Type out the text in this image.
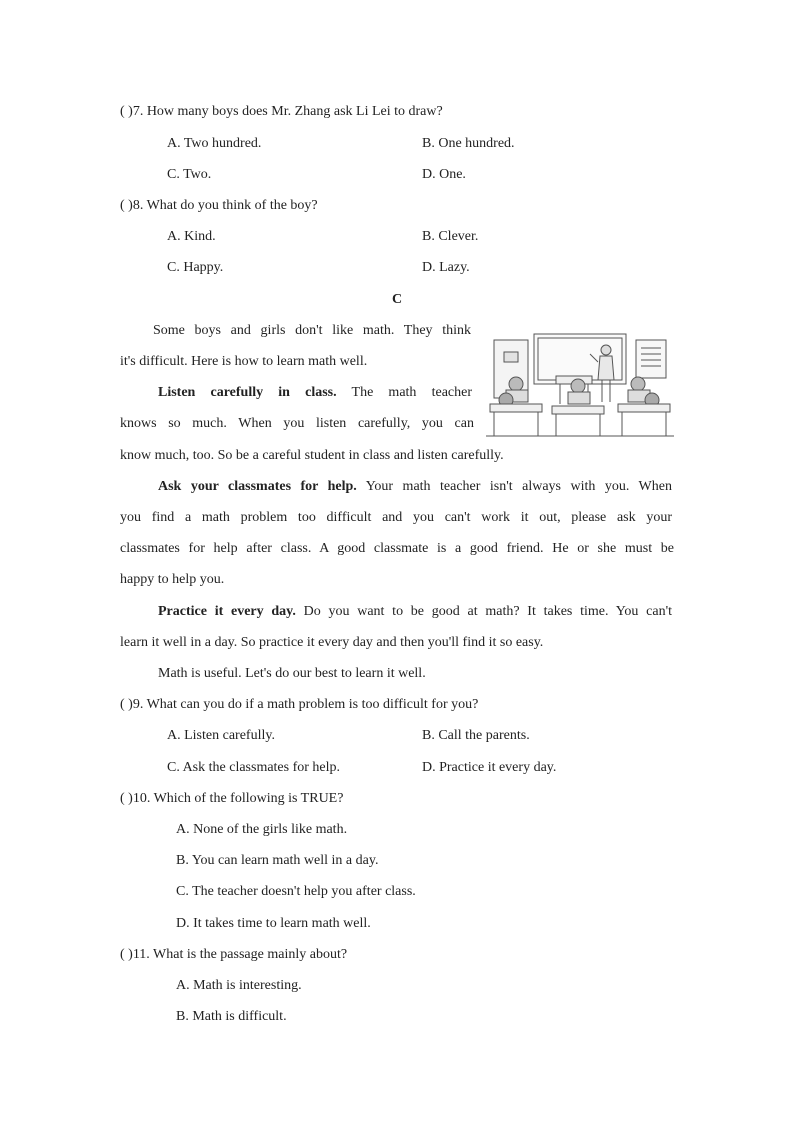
( )7. How many boys does Mr. Zhang ask Li Lei to draw?
A. Two hundred.	B. One hundred.
C. Two.	D. One.
( )8. What do you think of the boy?
A. Kind.	B. Clever.
C. Happy.	D. Lazy.
C
Some boys and girls don't like math. They think
it's difficult. Here is how to learn math well.
Listen carefully in class. The math teacher
knows so much. When you listen carefully, you can
know much, too. So be a careful student in class and listen carefully.
Ask your classmates for help. Your math teacher isn't always with you. When
you find a math problem too difficult and you can't work it out, please ask your
classmates for help after class. A good classmate is a good friend. He or she must be
happy to help you.
Practice it every day. Do you want to be good at math? It takes time. You can't
learn it well in a day. So practice it every day and then you'll find it so easy.
Math is useful. Let's do our best to learn it well.
( )9. What can you do if a math problem is too difficult for you?
A. Listen carefully.	B. Call the parents.
C. Ask the classmates for help.	D. Practice it every day.
( )10. Which of the following is TRUE?
A. None of the girls like math.
B. You can learn math well in a day.
C. The teacher doesn't help you after class.
D. It takes time to learn math well.
( )11. What is the passage mainly about?
A. Math is interesting.
B. Math is difficult.
